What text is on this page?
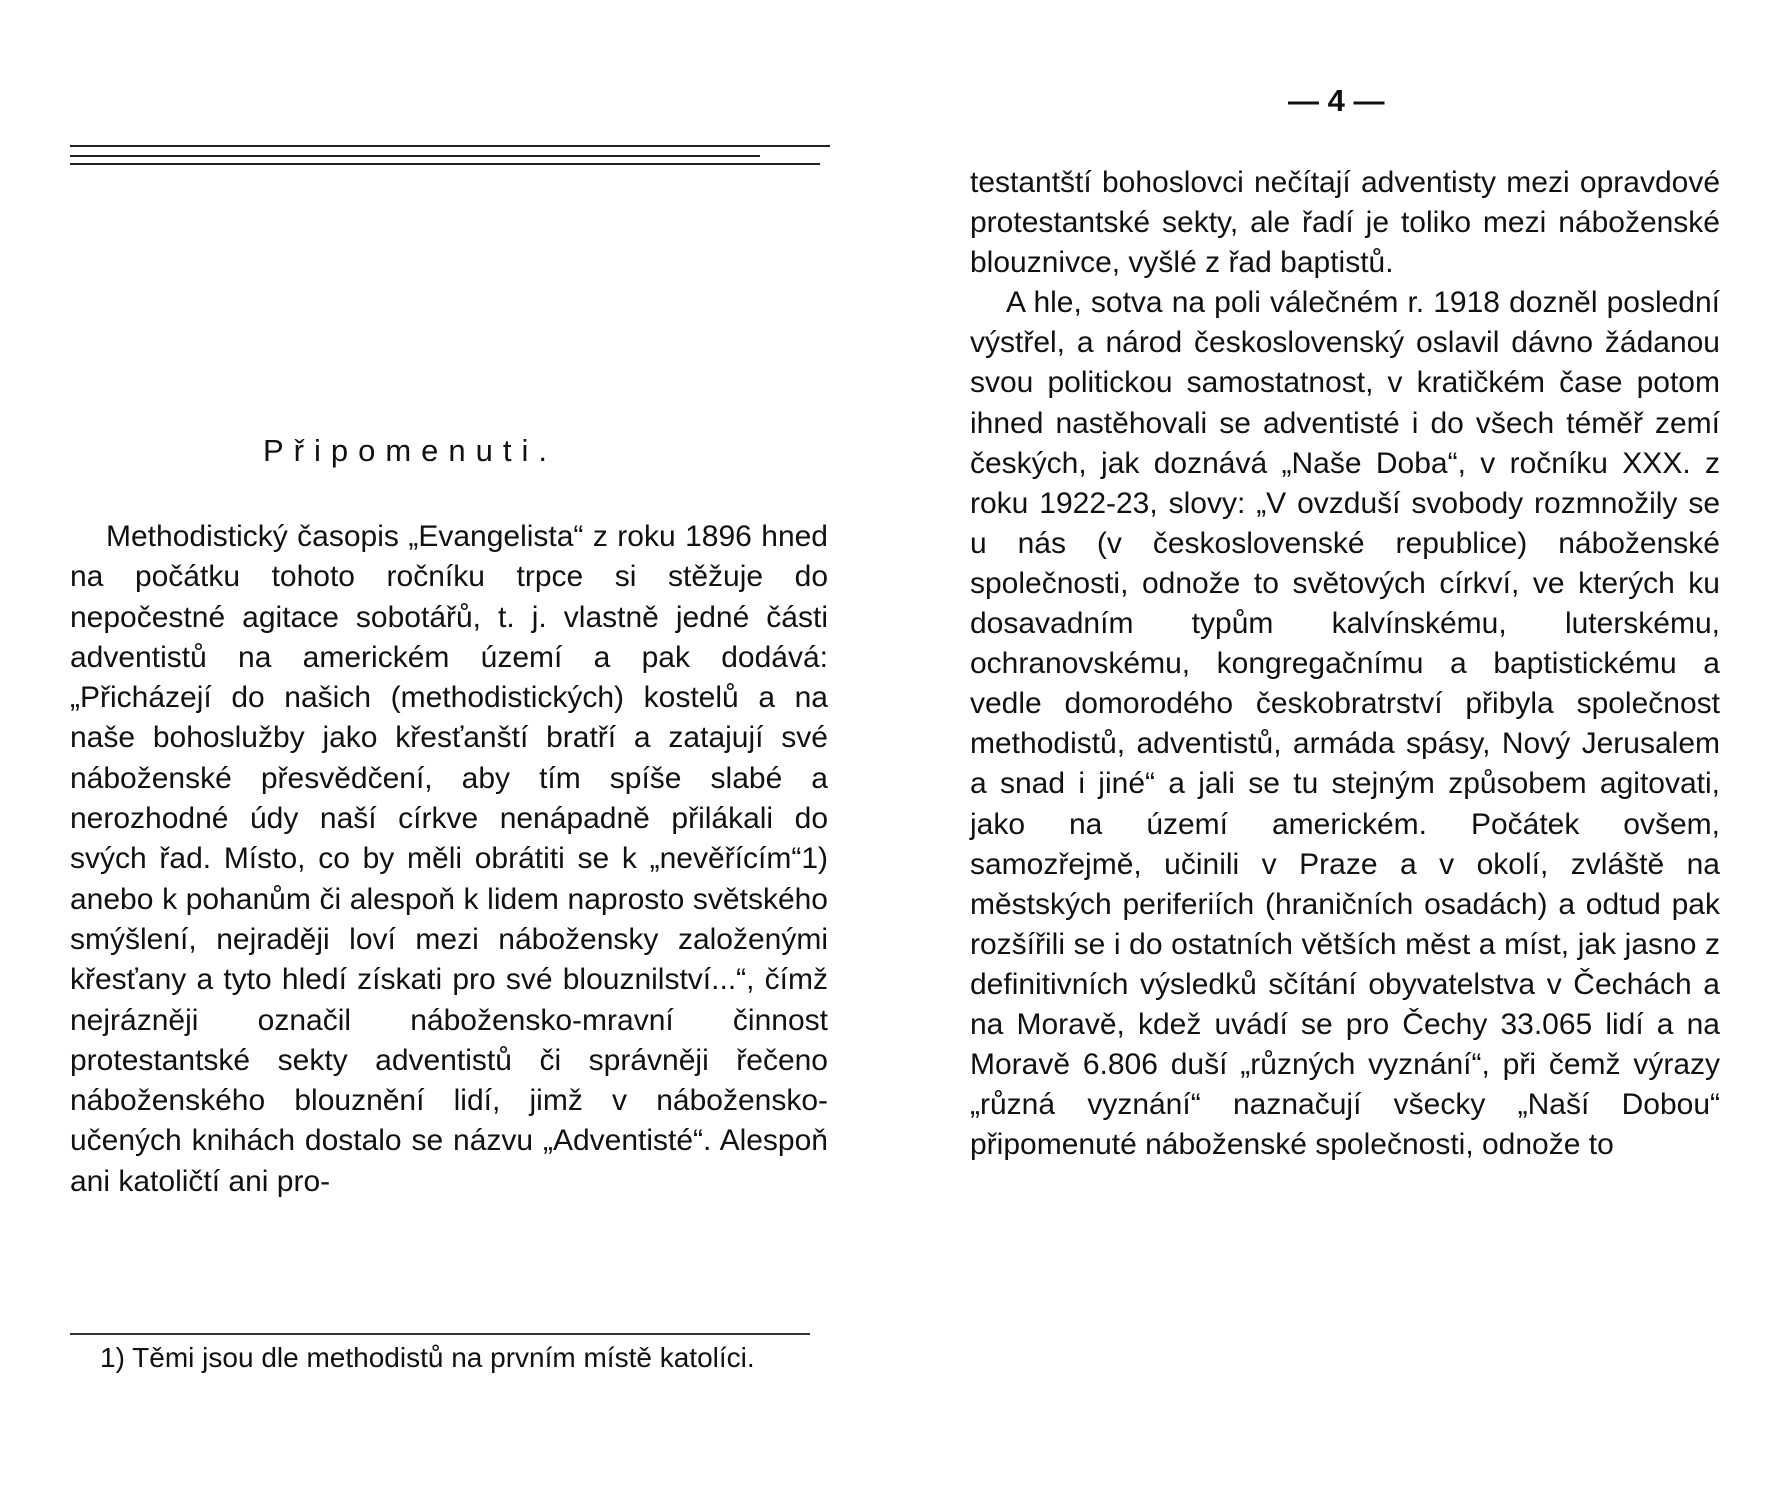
Připomenuti.

Methodistický časopis „Evangelista“ z roku 1896 hned na počátku tohoto ročníku trpce si stěžuje do nepočestné agitace sobotářů, t. j. vlastně jedné části adventistů na americkém území a pak dodává: „Přicházejí do našich (methodistických) kostelů a na naše bohoslužby jako křesťanští bratří a zatajují své náboženské přesvědčení, aby tím spíše slabé a nerozhodné údy naší církve nenápadně přilákali do svých řad. Místo, co by měli obrátiti se k „nevěřícím“1) anebo k pohanům či alespoň k lidem naprosto světského smýšlení, nejraději loví mezi nábožensky založenými křesťany a tyto hledí získati pro své blouznilství...“, čímž nejrázněji označil nábožensko-mravní činnost protestantské sekty adventistů či správněji řečeno náboženského blouznění lidí, jimž v nábožensko-učených knihách dostalo se názvu „Adventisté“. Alespoň ani katoličtí ani pro-

1) Těmi jsou dle methodistů na prvním místě katolíci.

— 4 —

testantští bohoslovci nečítají adventisty mezi opravdové protestantské sekty, ale řadí je toliko mezi náboženské blouznivce, vyšlé z řad baptistů.

A hle, sotva na poli válečném r. 1918 dozněl poslední výstřel, a národ československý oslavil dávno žádanou svou politickou samostatnost, v kratičkém čase potom ihned nastěhovali se adventisté i do všech téměř zemí českých, jak doznává „Naše Doba“, v ročníku XXX. z roku 1922-23, slovy: „V ovzduší svobody rozmnožily se u nás (v československé republice) náboženské společnosti, odnože to světových církví, ve kterých ku dosavadním typům kalvínskému, luterskému, ochranovskému, kongregačnímu a baptistickému a vedle domorodého českobratrství přibyla společnost methodistů, adventistů, armáda spásy, Nový Jerusalem a snad i jiné“ a jali se tu stejným způsobem agitovati, jako na území americkém. Počátek ovšem, samozřejmě, učinili v Praze a v okolí, zvláště na městských periferiích (hraničních osadách) a odtud pak rozšířili se i do ostatních větších měst a míst, jak jasno z definitivních výsledků sčítání obyvatelstva v Čechách a na Moravě, kdež uvádí se pro Čechy 33.065 lidí a na Moravě 6.806 duší „různých vyznání“, při čemž výrazy „různá vyznání“ naznačují všecky „Naší Dobou“ připomenuté náboženské společnosti, odnože to
